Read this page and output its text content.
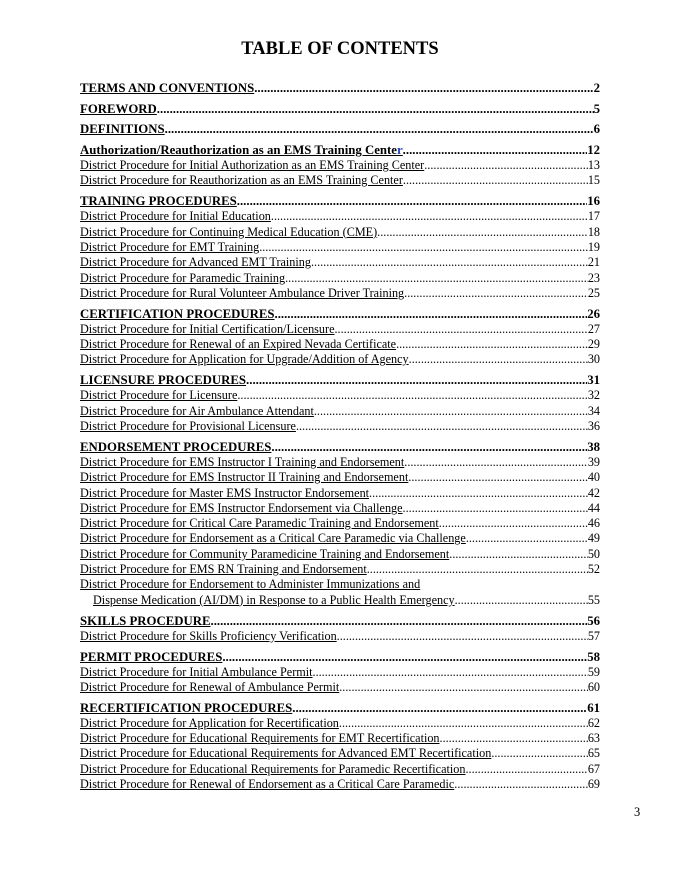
TABLE OF CONTENTS
TERMS AND CONVENTIONS .....	2
FOREWORD .....	5
DEFINITIONS .....	6
Authorization/Reauthorization as an EMS Training Center .....	12
District Procedure for Initial Authorization as an EMS Training Center .....	13
District Procedure for Reauthorization as an EMS Training Center .....	15
TRAINING PROCEDURES .....	16
District Procedure for Initial Education .....	17
District Procedure for Continuing Medical Education (CME) .....	18
District Procedure for EMT Training .....	19
District Procedure for Advanced EMT Training .....	21
District Procedure for Paramedic Training .....	23
District Procedure for Rural Volunteer Ambulance Driver Training .....	25
CERTIFICATION PROCEDURES .....	26
District Procedure for Initial Certification/Licensure .....	27
District Procedure for Renewal of an Expired Nevada Certificate .....	29
District Procedure for Application for Upgrade/Addition of Agency .....	30
LICENSURE PROCEDURES .....	31
District Procedure for Licensure .....	32
District Procedure for Air Ambulance Attendant .....	34
District Procedure for Provisional Licensure .....	36
ENDORSEMENT PROCEDURES .....	38
District Procedure for EMS Instructor I Training and Endorsement .....	39
District Procedure for EMS Instructor II Training and Endorsement .....	40
District Procedure for Master EMS Instructor Endorsement .....	42
District Procedure for EMS Instructor Endorsement via Challenge .....	44
District Procedure for Critical Care Paramedic Training and Endorsement .....	46
District Procedure for Endorsement as a Critical Care Paramedic via Challenge .....	49
District Procedure for Community Paramedicine Training and Endorsement .....	50
District Procedure for EMS RN Training and Endorsement .....	52
District Procedure for Endorsement to Administer Immunizations and
Dispense Medication (AI/DM) in Response to a Public Health Emergency .....	55
SKILLS PROCEDURE .....	56
District Procedure for Skills Proficiency Verification .....	57
PERMIT PROCEDURES .....	58
District Procedure for Initial Ambulance Permit .....	59
District Procedure for Renewal of Ambulance Permit .....	60
RECERTIFICATION PROCEDURES .....	61
District Procedure for Application for Recertification .....	62
District Procedure for Educational Requirements for EMT Recertification .....	63
District Procedure for Educational Requirements for Advanced EMT Recertification .....	65
District Procedure for Educational Requirements for Paramedic Recertification .....	67
District Procedure for Renewal of Endorsement as a Critical Care Paramedic .....	69
3
